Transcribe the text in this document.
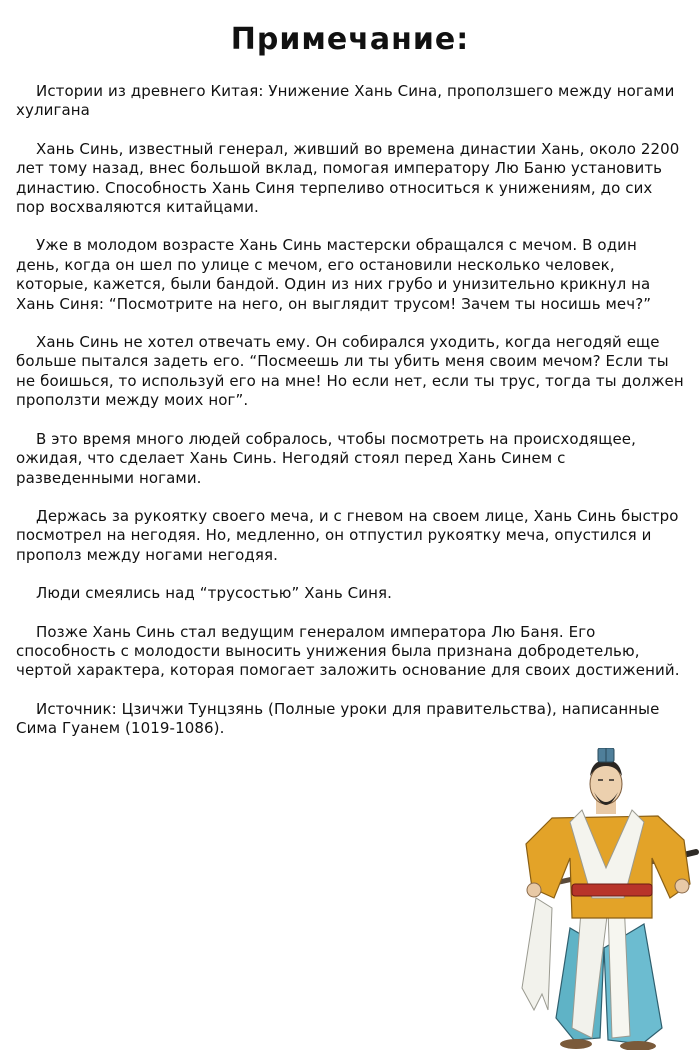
Примечание:

Истории из древнего Китая: Унижение Хань Сина, проползшего между ногами хулигана

Хань Синь, известный генерал, живший во времена династии Хань, около 2200 лет тому назад, внес большой вклад, помогая императору Лю Баню установить династию. Способность Хань Синя терпеливо относиться к унижениям, до сих пор восхваляются китайцами.

Уже в молодом возрасте Хань Синь мастерски обращался с мечом. В один день, когда он шел по улице с мечом, его остановили несколько человек, которые, кажется, были бандой. Один из них грубо и унизительно крикнул на Хань Синя: “Посмотрите на него, он выглядит трусом! Зачем ты носишь меч?”

Хань Синь не хотел отвечать ему. Он собирался уходить, когда негодяй еще больше пытался задеть его. “Посмеешь ли ты убить меня своим мечом? Если ты не боишься, то используй его на мне! Но если нет, если ты трус, тогда ты должен проползти между моих ног”.

В это время много людей собралось, чтобы посмотреть на происходящее, ожидая, что сделает Хань Синь. Негодяй стоял перед Хань Синем с разведенными ногами.

Держась за рукоятку своего меча, и с гневом на своем лице, Хань Синь быстро посмотрел на негодяя. Но, медленно, он отпустил рукоятку меча, опустился и прополз между ногами негодяя.

Люди смеялись над “трусостью” Хань Синя.

Позже Хань Синь стал ведущим генералом императора Лю Баня. Его способность с молодости выносить унижения была признана добродетелью, чертой характера, которая помогает заложить основание для своих достижений.

Источник: Цзичжи Тунцзянь (Полные уроки для правительства), написанные Сима Гуанем (1019-1086).
